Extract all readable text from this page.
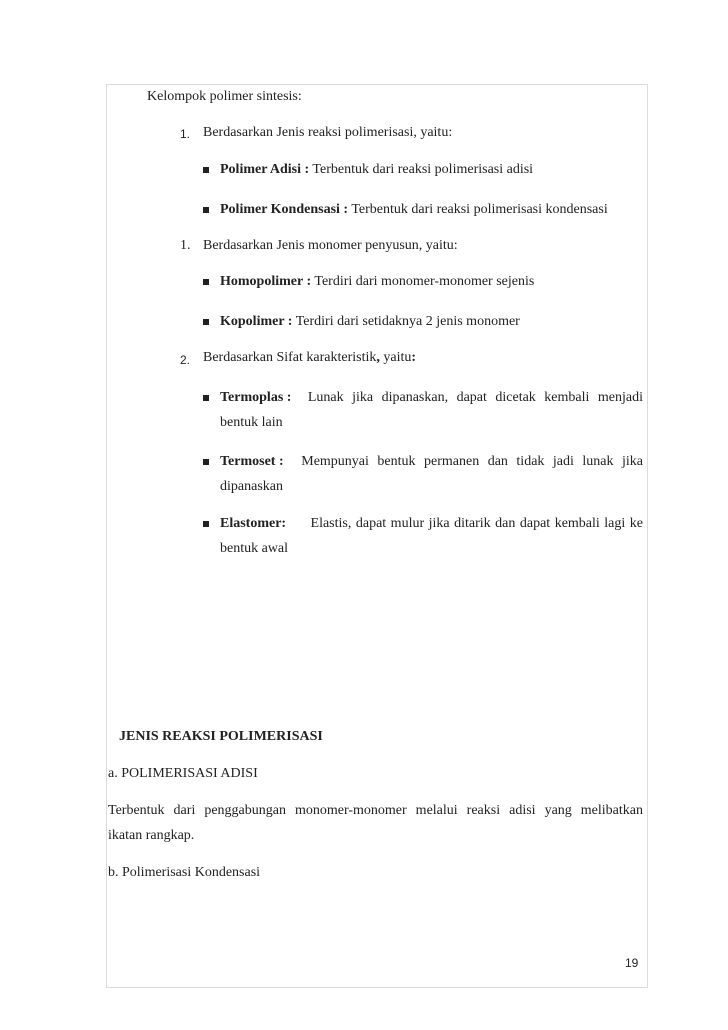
Kelompok polimer sintesis:
1. Berdasarkan Jenis reaksi polimerisasi, yaitu:
Polimer Adisi : Terbentuk dari reaksi polimerisasi adisi
Polimer Kondensasi : Terbentuk dari reaksi polimerisasi kondensasi
1. Berdasarkan Jenis monomer penyusun, yaitu:
Homopolimer : Terdiri dari monomer-monomer sejenis
Kopolimer : Terdiri dari setidaknya 2 jenis monomer
2. Berdasarkan Sifat karakteristik, yaitu:
Termoplas : Lunak jika dipanaskan, dapat dicetak kembali menjadi
bentuk lain
Termoset : Mempunyai bentuk permanen dan tidak jadi lunak jika
dipanaskan
Elastomer: Elastis, dapat mulur jika ditarik dan dapat kembali lagi ke
bentuk awal
JENIS REAKSI POLIMERISASI
a. POLIMERISASI ADISI
Terbentuk dari penggabungan monomer-monomer melalui reaksi adisi yang melibatkan
ikatan rangkap.
b. Polimerisasi Kondensasi
19
